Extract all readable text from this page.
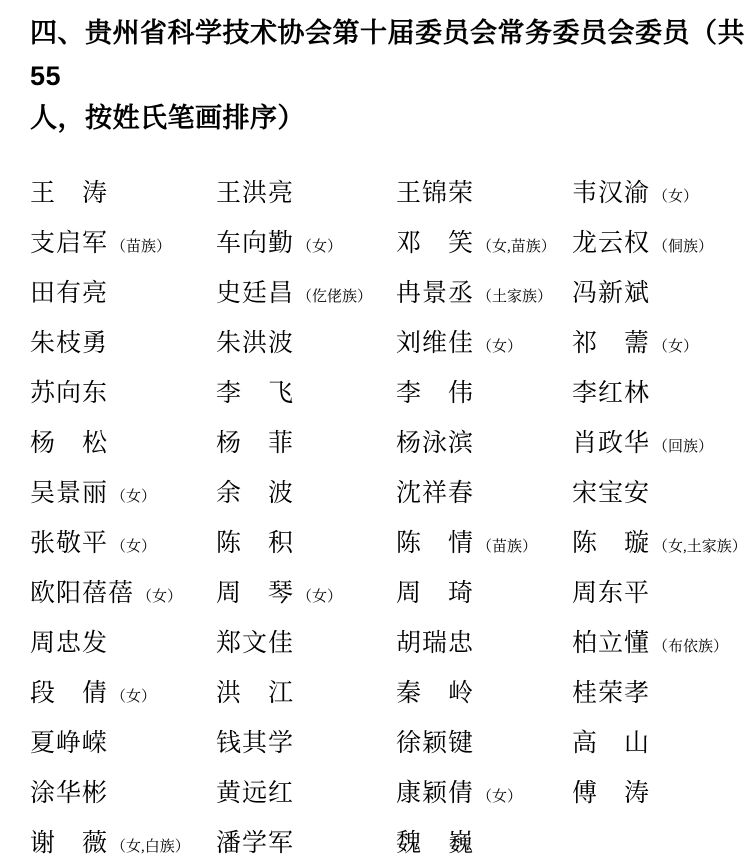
四、贵州省科学技术协会第十届委员会常务委员会委员（共 55
人，按姓氏笔画排序）
王　涛	王洪亮	王锦荣	韦汉渝 （女）
支启军 （苗族） 车向勤 （女） 邓　笑 （女,苗族） 龙云权 （侗族）
田有亮	史廷昌 （仡佬族） 冉景丞 （土家族） 冯新斌
朱枝勇	朱洪波	刘维佳 （女） 祁　薷 （女）
苏向东	李　飞	李　伟	李红林
杨　松	杨　菲	杨泳滨	肖政华 （回族）
吴景丽 （女） 余　波	沈祥春	宋宝安
张敬平 （女） 陈　积	陈　情 （苗族） 陈　璇 （女,土家族）
欧阳蓓蓓 （女） 周　琴 （女） 周　琦	周东平
周忠发	郑文佳	胡瑞忠	柏立懂 （布依族）
段　倩 （女） 洪　江	秦　岭	桂荣孝
夏峥嵘	钱其学	徐颖键	高　山
涂华彬	黄远红	康颖倩 （女） 傅　涛
谢　薇 （女,白族） 潘学军	魏　巍
